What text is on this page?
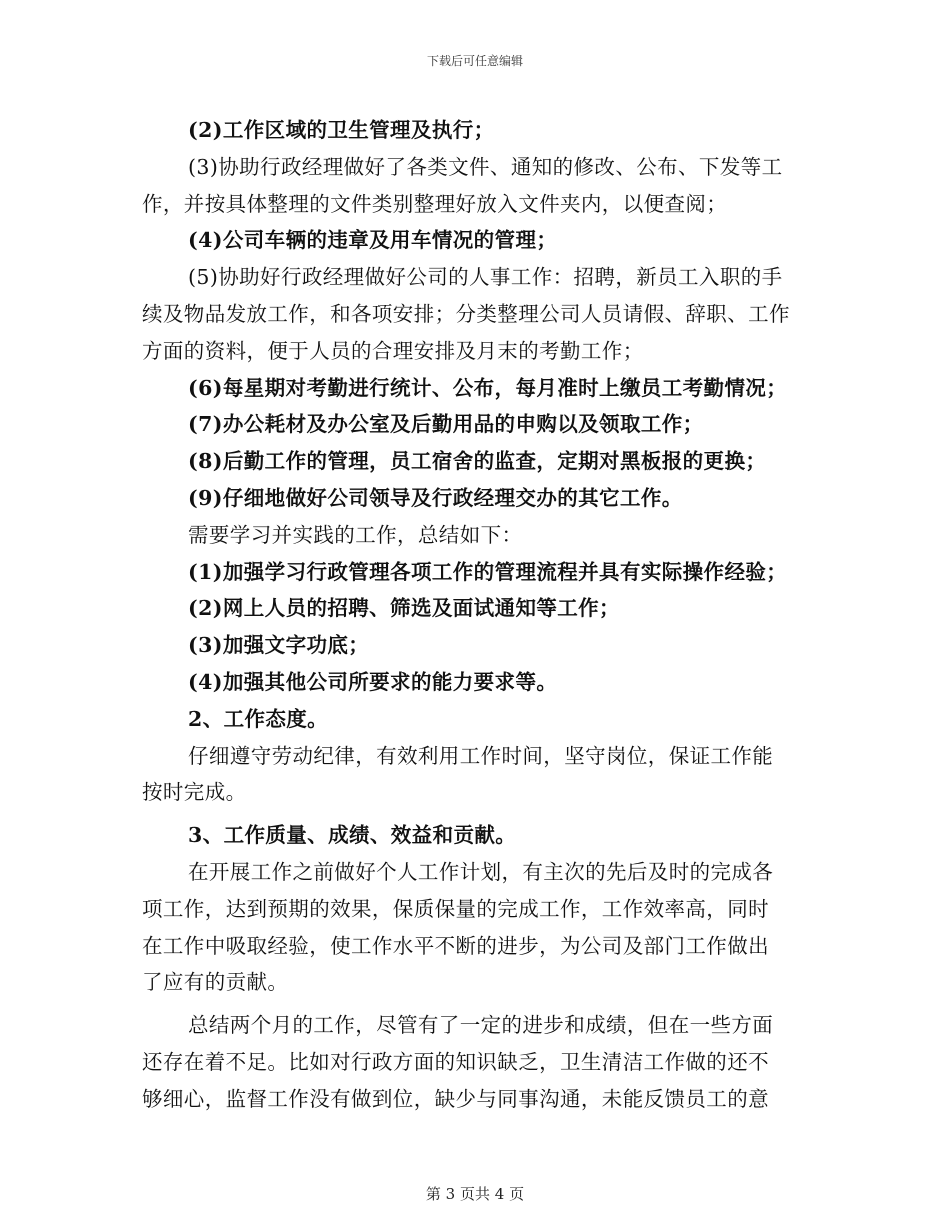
下载后可任意编辑
(2)工作区域的卫生管理及执行；
(3)协助行政经理做好了各类文件、通知的修改、公布、下发等工
作，并按具体整理的文件类别整理好放入文件夹内，以便查阅；
(4)公司车辆的违章及用车情况的管理；
(5)协助好行政经理做好公司的人事工作：招聘，新员工入职的手
续及物品发放工作，和各项安排；分类整理公司人员请假、辞职、工作
方面的资料，便于人员的合理安排及月末的考勤工作；
(6)每星期对考勤进行统计、公布，每月准时上缴员工考勤情况；
(7)办公耗材及办公室及后勤用品的申购以及领取工作；
(8)后勤工作的管理，员工宿舍的监查，定期对黑板报的更换；
(9)仔细地做好公司领导及行政经理交办的其它工作。
需要学习并实践的工作，总结如下：
(1)加强学习行政管理各项工作的管理流程并具有实际操作经验；
(2)网上人员的招聘、筛选及面试通知等工作；
(3)加强文字功底；
(4)加强其他公司所要求的能力要求等。
2、工作态度。
仔细遵守劳动纪律，有效利用工作时间，坚守岗位，保证工作能
按时完成。
3、工作质量、成绩、效益和贡献。
在开展工作之前做好个人工作计划，有主次的先后及时的完成各
项工作，达到预期的效果，保质保量的完成工作，工作效率高，同时
在工作中吸取经验，使工作水平不断的进步，为公司及部门工作做出
了应有的贡献。
总结两个月的工作，尽管有了一定的进步和成绩，但在一些方面
还存在着不足。比如对行政方面的知识缺乏，卫生清洁工作做的还不
够细心，监督工作没有做到位，缺少与同事沟通，未能反馈员工的意
第 3 页共 4 页
